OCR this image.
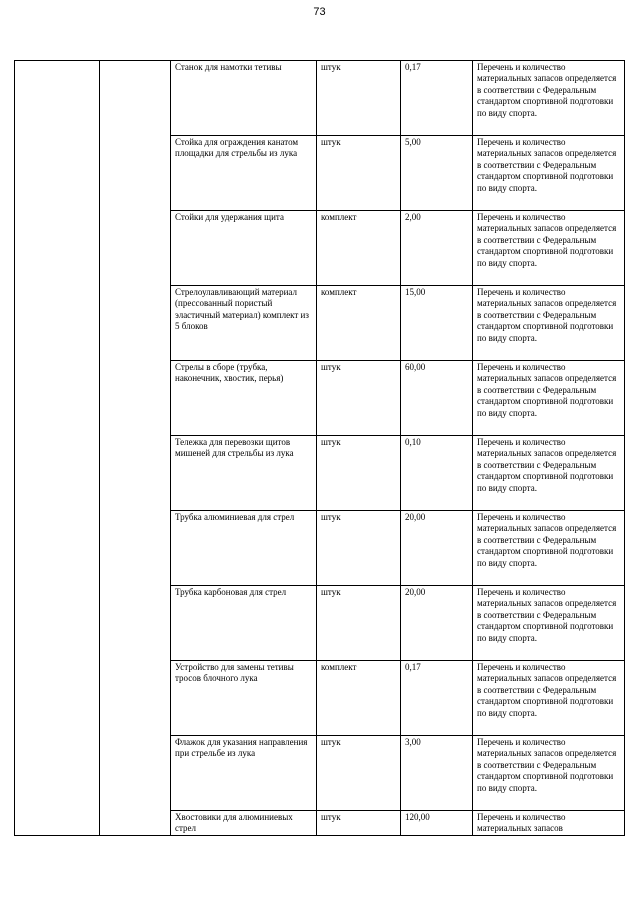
73
		Станок для намотки тетивы	штук	0,17	Перечень и количество материальных запасов определяется в соответствии с Федеральным стандартом спортивной подготовки по виду спорта.
		Стойка для ограждения канатом площадки для стрельбы из лука	штук	5,00	Перечень и количество материальных запасов определяется в соответствии с Федеральным стандартом спортивной подготовки по виду спорта.
		Стойки для удержания щита	комплект	2,00	Перечень и количество материальных запасов определяется в соответствии с Федеральным стандартом спортивной подготовки по виду спорта.
		Стрелоулавливающий материал (прессованный пористый эластичный материал) комплект из 5 блоков	комплект	15,00	Перечень и количество материальных запасов определяется в соответствии с Федеральным стандартом спортивной подготовки по виду спорта.
		Стрелы в сборе (трубка, наконечник, хвостик, перья)	штук	60,00	Перечень и количество материальных запасов определяется в соответствии с Федеральным стандартом спортивной подготовки по виду спорта.
		Тележка для перевозки щитов мишеней для стрельбы из лука	штук	0,10	Перечень и количество материальных запасов определяется в соответствии с Федеральным стандартом спортивной подготовки по виду спорта.
		Трубка алюминиевая для стрел	штук	20,00	Перечень и количество материальных запасов определяется в соответствии с Федеральным стандартом спортивной подготовки по виду спорта.
		Трубка карбоновая для стрел	штук	20,00	Перечень и количество материальных запасов определяется в соответствии с Федеральным стандартом спортивной подготовки по виду спорта.
		Устройство для замены тетивы тросов блочного лука	комплект	0,17	Перечень и количество материальных запасов определяется в соответствии с Федеральным стандартом спортивной подготовки по виду спорта.
		Флажок для указания направления при стрельбе из лука	штук	3,00	Перечень и количество материальных запасов определяется в соответствии с Федеральным стандартом спортивной подготовки по виду спорта.
		Хвостовики для алюминиевых стрел	штук	120,00	Перечень и количество материальных запасов
